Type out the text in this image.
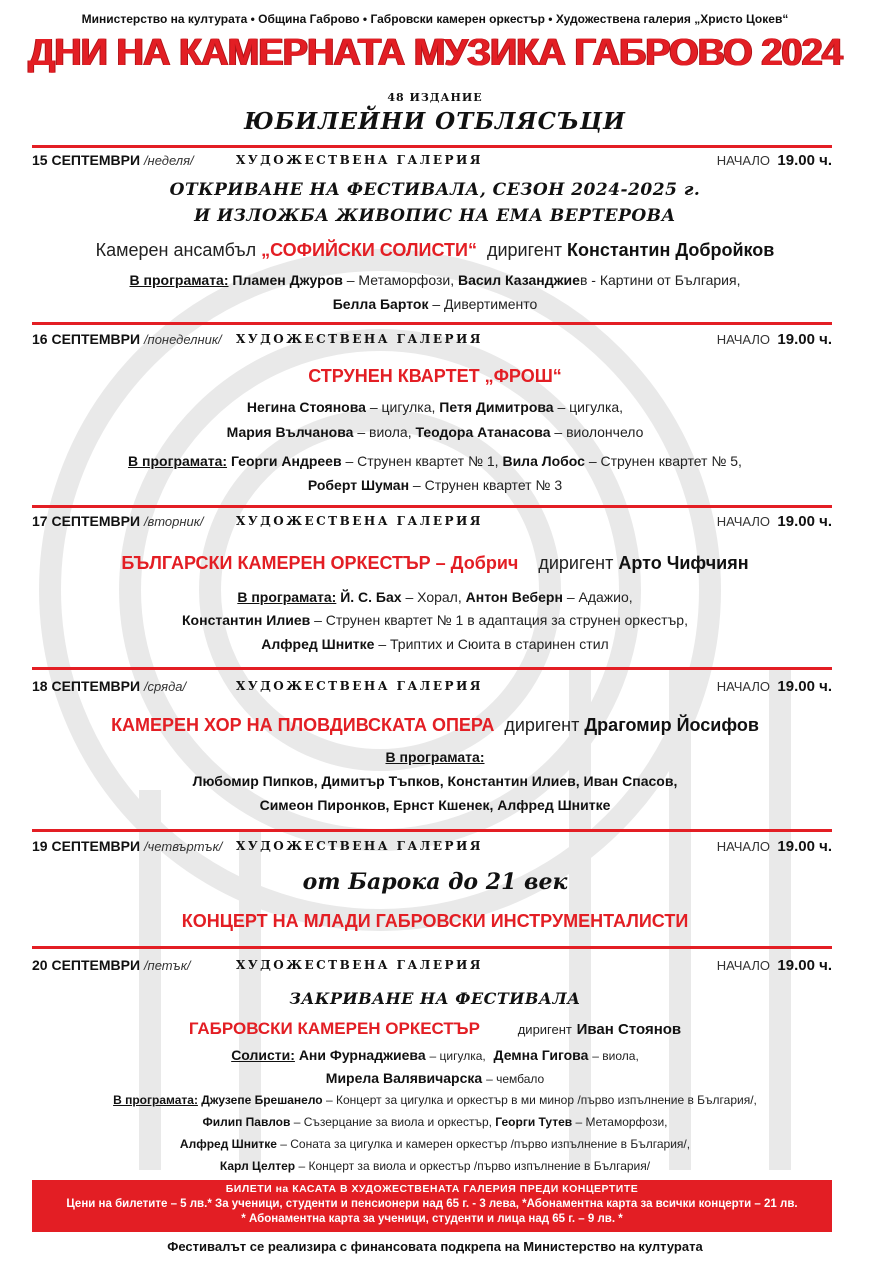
Министерство на културата • Община Габрово • Габровски камерен оркестър • Художествена галерия „Христо Цокев“
ДНИ НА КАМЕРНАТА МУЗИКА ГАБРОВО 2024
48 ИЗДАНИЕ
ЮБИЛЕЙНИ ОТБЛЯСЪЦИ
15 СЕПТЕМВРИ /неделя/	ХУДОЖЕСТВЕНА ГАЛЕРИЯ	НАЧАЛО 19.00 ч.
ОТКРИВАНЕ НА ФЕСТИВАЛА, СЕЗОН 2024-2025 г.
И ИЗЛОЖБА ЖИВОПИС НА ЕМА ВЕРТЕРОВА
Камерен ансамбъл „СОФИЙСКИ СОЛИСТИ“ диригент Константин Добройков
В програмата: Пламен Джуров – Метаморфози, Васил Казанджиев - Картини от България,
Белла Барток – Дивертименто
16 СЕПТЕМВРИ /понеделник/	ХУДОЖЕСТВЕНА ГАЛЕРИЯ	НАЧАЛО 19.00 ч.
СТРУНЕН КВАРТЕТ „ФРОШ“
Негина Стоянова – цигулка, Петя Димитрова – цигулка,
Мария Вълчанова – виола, Теодора Атанасова – виолончело
В програмата: Георги Андреев – Струнен квартет № 1, Вила Лобос – Струнен квартет № 5,
Роберт Шуман – Струнен квартет № 3
17 СЕПТЕМВРИ /вторник/	ХУДОЖЕСТВЕНА ГАЛЕРИЯ	НАЧАЛО 19.00 ч.
БЪЛГАРСКИ КАМЕРЕН ОРКЕСТЪР – Добрич диригент Арто Чифчиян
В програмата: Й. С. Бах – Хорал, Антон Веберн – Адажио,
Константин Илиев – Струнен квартет № 1 в адаптация за струнен оркестър,
Алфред Шнитке – Триптих и Сюита в старинен стил
18 СЕПТЕМВРИ /сряда/	ХУДОЖЕСТВЕНА ГАЛЕРИЯ	НАЧАЛО 19.00 ч.
КАМЕРЕН ХОР НА ПЛОВДИВСКАТА ОПЕРА диригент Драгомир Йосифов
В програмата:
Любомир Пипков, Димитър Тъпков, Константин Илиев, Иван Спасов,
Симеон Пиронков, Ернст Кшенек, Алфред Шнитке
19 СЕПТЕМВРИ /четвъртък/	ХУДОЖЕСТВЕНА ГАЛЕРИЯ	НАЧАЛО 19.00 ч.
от Барока до 21 век
КОНЦЕРТ НА МЛАДИ ГАБРОВСКИ ИНСТРУМЕНТАЛИСТИ
20 СЕПТЕМВРИ /петък/	ХУДОЖЕСТВЕНА ГАЛЕРИЯ	НАЧАЛО 19.00 ч.
ЗАКРИВАНЕ НА ФЕСТИВАЛА
ГАБРОВСКИ КАМЕРЕН ОРКЕСТЪР	диригент Иван Стоянов
Солисти: Ани Фурнаджиева – цигулка, Демна Гигова – виола,
Мирела Валявичарска – чембало
В програмата: Джузепе Брешанело – Концерт за цигулка и оркестър в ми минор /първо изпълнение в България/,
Филип Павлов – Съзерцание за виола и оркестър, Георги Тутев – Метаморфози,
Алфред Шнитке – Соната за цигулка и камерен оркестър /първо изпълнение в България/,
Карл Целтер – Концерт за виола и оркестър /първо изпълнение в България/
БИЛЕТИ на КАСАТА В ХУДОЖЕСТВЕНАТА ГАЛЕРИЯ ПРЕДИ КОНЦЕРТИТЕ
Цени на билетите – 5 лв.* За ученици, студенти и пенсионери над 65 г. - 3 лева, *Абонаментна карта за всички концерти – 21 лв.
* Абонаментна карта за ученици, студенти и лица над 65 г. – 9 лв. *
Фестивалът се реализира с финансовата подкрепа на Министерство на културата
